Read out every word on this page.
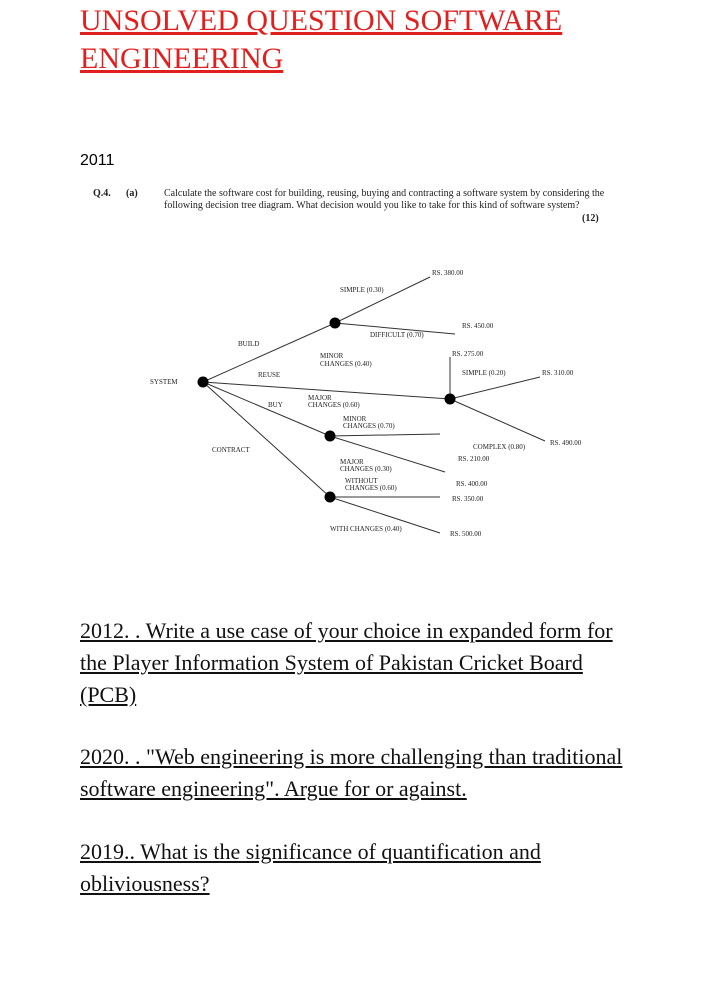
UNSOLVED QUESTION SOFTWARE ENGINEERING
2011
Q.4. (a)	Calculate the software cost for building, reusing, buying and contracting a software system by considering the following decision tree diagram. What decision would you like to take for this kind of software system?
(12)
SYSTEM
BUILD
REUSE
BUY
CONTRACT
SIMPLE (0.30)
DIFFICULT (0.70)
MINOR
CHANGES (0.40)
MAJOR
CHANGES (0.60)
SIMPLE (0.20)
COMPLEX (0.80)
MINOR
CHANGES (0.70)
MAJOR
CHANGES (0.30)
WITHOUT
CHANGES (0.60)
WITH CHANGES (0.40)
RS. 380.00
RS. 450.00
RS. 275.00
RS. 310.00
RS. 490.00
RS. 210.00
RS. 400.00
RS. 350.00
RS. 500.00

2012. . Write a use case of your choice in expanded form for the Player Information System of Pakistan Cricket Board (PCB)

2020. . "Web engineering is more challenging than traditional software engineering". Argue for or against.

2019.. What is the significance of quantification and obliviousness?
